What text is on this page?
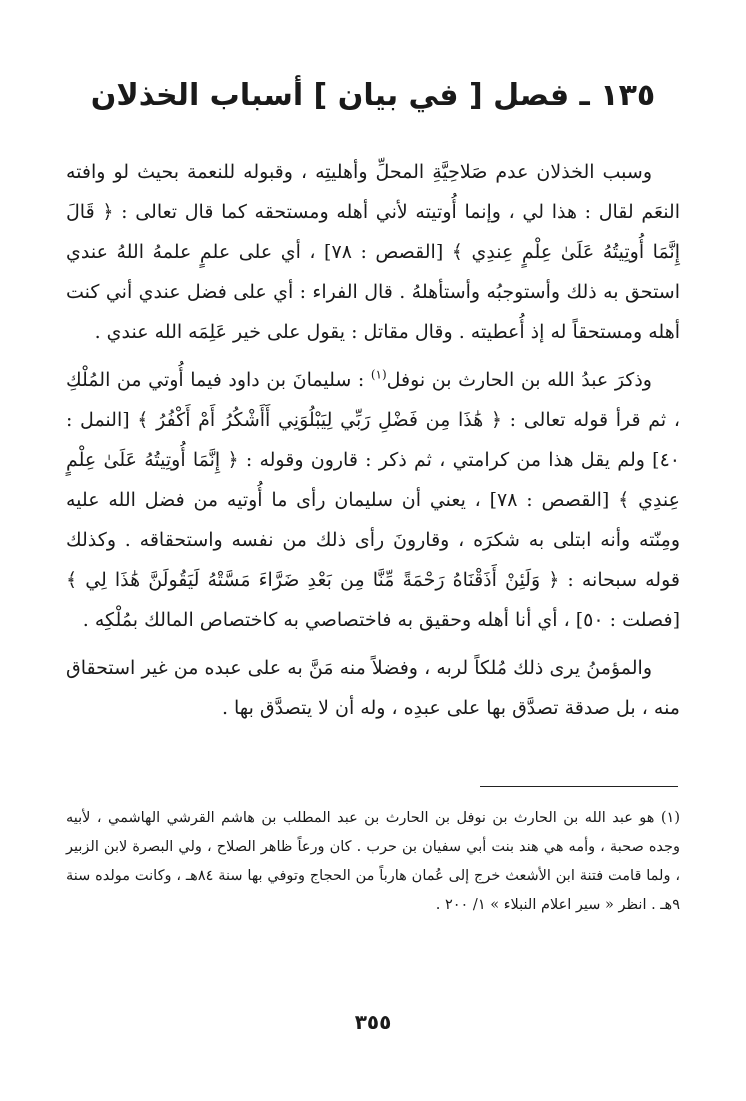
١٣٥ ـ فصل [ في بيان ] أسباب الخذلان

وسبب الخذلان عدم صَلاحِيَّةِ المحلِّ وأهليتِه ، وقبوله للنعمة بحيث لو وافته النعَم لقال : هذا لي ، وإنما أُوتيته لأني أهله ومستحقه كما قال تعالى : ﴿ قَالَ إِنَّمَا أُوتِيتُهُ عَلَىٰ عِلْمٍ عِندِي ﴾ [القصص : ٧٨] ، أي على علمٍ علمهُ اللهُ عندي استحق به ذلك وأستوجبُه وأستأهلهُ . قال الفراء : أي على فضل عندي أني كنت أهله ومستحقاً له إذ أُعطيته . وقال مقاتل : يقول على خير عَلِمَه الله عندي .

وذكرَ عبدُ الله بن الحارث بن نوفل$^{(١)}$ : سليمانَ بن داود فيما أُوتي من المُلْكِ ، ثم قرأ قوله تعالى : ﴿ هَٰذَا مِن فَضْلِ رَبِّي لِيَبْلُوَنِي أَأَشْكُرُ أَمْ أَكْفُرُ ﴾ [النمل : ٤٠] ولم يقل هذا من كرامتي ، ثم ذكر : قارون وقوله : ﴿ إِنَّمَا أُوتِيتُهُ عَلَىٰ عِلْمٍ عِندِي ﴾ [القصص : ٧٨] ، يعني أن سليمان رأى ما أُوتيه من فضل الله عليه ومِنّته وأنه ابتلى به شكرَه ، وقارونَ رأى ذلك من نفسه واستحقاقه . وكذلك قوله سبحانه : ﴿ وَلَئِنْ أَذَقْنَاهُ رَحْمَةً مِّنَّا مِن بَعْدِ ضَرَّاءَ مَسَّتْهُ لَيَقُولَنَّ هَٰذَا لِي ﴾ [فصلت : ٥٠] ، أي أنا أهله وحقيق به فاختصاصي به كاختصاص المالك بمُلْكِه .

والمؤمنُ يرى ذلك مُلكاً لربه ، وفضلاً منه مَنَّ به على عبده من غير استحقاق منه ، بل صدقة تصدَّق بها على عبدِه ، وله أن لا يتصدَّق بها .

(١) هو عبد الله بن الحارث بن نوفل بن الحارث بن عبد المطلب بن هاشم القرشي الهاشمي ، لأبيه وجده صحبة ، وأمه هي هند بنت أبي سفيان بن حرب . كان ورعاً ظاهر الصلاح ، ولي البصرة لابن الزبير ، ولما قامت فتنة ابن الأشعث خرج إلى عُمان هارباً من الحجاج وتوفي بها سنة ٨٤هـ ، وكانت مولده سنة ٩هـ . انظر « سير اعلام النبلاء » ١/ ٢٠٠ .

٣٥٥
